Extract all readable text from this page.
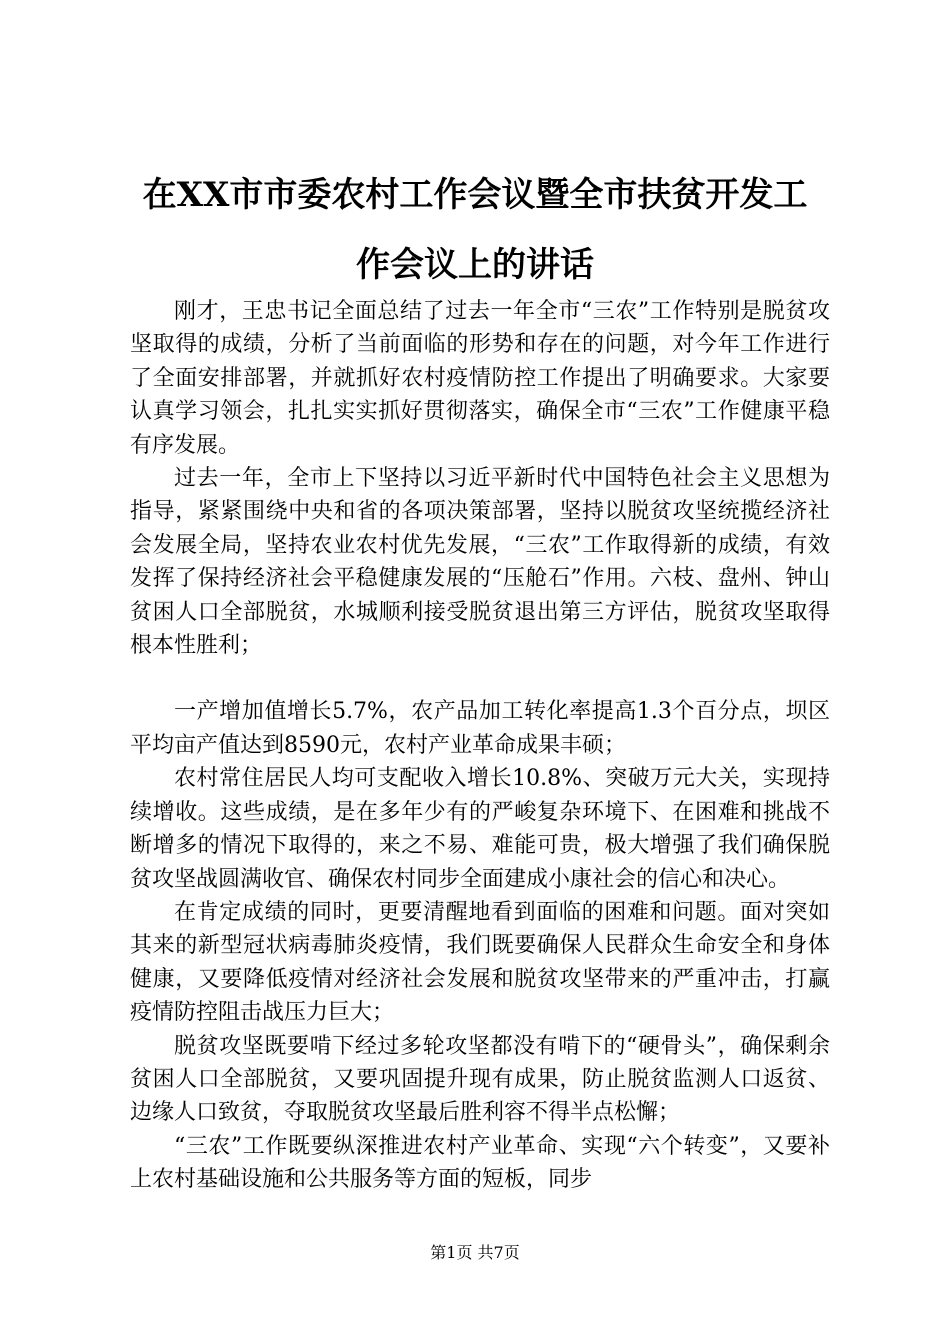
在XX市市委农村工作会议暨全市扶贫开发工
作会议上的讲话

刚才，王忠书记全面总结了过去一年全市“三农”工作特别是脱贫攻坚取得的成绩，分析了当前面临的形势和存在的问题，对今年工作进行了全面安排部署，并就抓好农村疫情防控工作提出了明确要求。大家要认真学习领会，扎扎实实抓好贯彻落实，确保全市“三农”工作健康平稳有序发展。

过去一年，全市上下坚持以习近平新时代中国特色社会主义思想为指导，紧紧围绕中央和省的各项决策部署，坚持以脱贫攻坚统揽经济社会发展全局，坚持农业农村优先发展，“三农”工作取得新的成绩，有效发挥了保持经济社会平稳健康发展的“压舱石”作用。六枝、盘州、钟山贫困人口全部脱贫，水城顺利接受脱贫退出第三方评估，脱贫攻坚取得根本性胜利；

一产增加值增长5.7%，农产品加工转化率提高1.3个百分点，坝区平均亩产值达到8590元，农村产业革命成果丰硕；

农村常住居民人均可支配收入增长10.8%、突破万元大关，实现持续增收。这些成绩，是在多年少有的严峻复杂环境下、在困难和挑战不断增多的情况下取得的，来之不易、难能可贵，极大增强了我们确保脱贫攻坚战圆满收官、确保农村同步全面建成小康社会的信心和决心。

在肯定成绩的同时，更要清醒地看到面临的困难和问题。面对突如其来的新型冠状病毒肺炎疫情，我们既要确保人民群众生命安全和身体健康，又要降低疫情对经济社会发展和脱贫攻坚带来的严重冲击，打赢疫情防控阻击战压力巨大；

脱贫攻坚既要啃下经过多轮攻坚都没有啃下的“硬骨头”，确保剩余贫困人口全部脱贫，又要巩固提升现有成果，防止脱贫监测人口返贫、边缘人口致贫，夺取脱贫攻坚最后胜利容不得半点松懈；

“三农”工作既要纵深推进农村产业革命、实现“六个转变”，又要补上农村基础设施和公共服务等方面的短板，同步

第1页 共7页
